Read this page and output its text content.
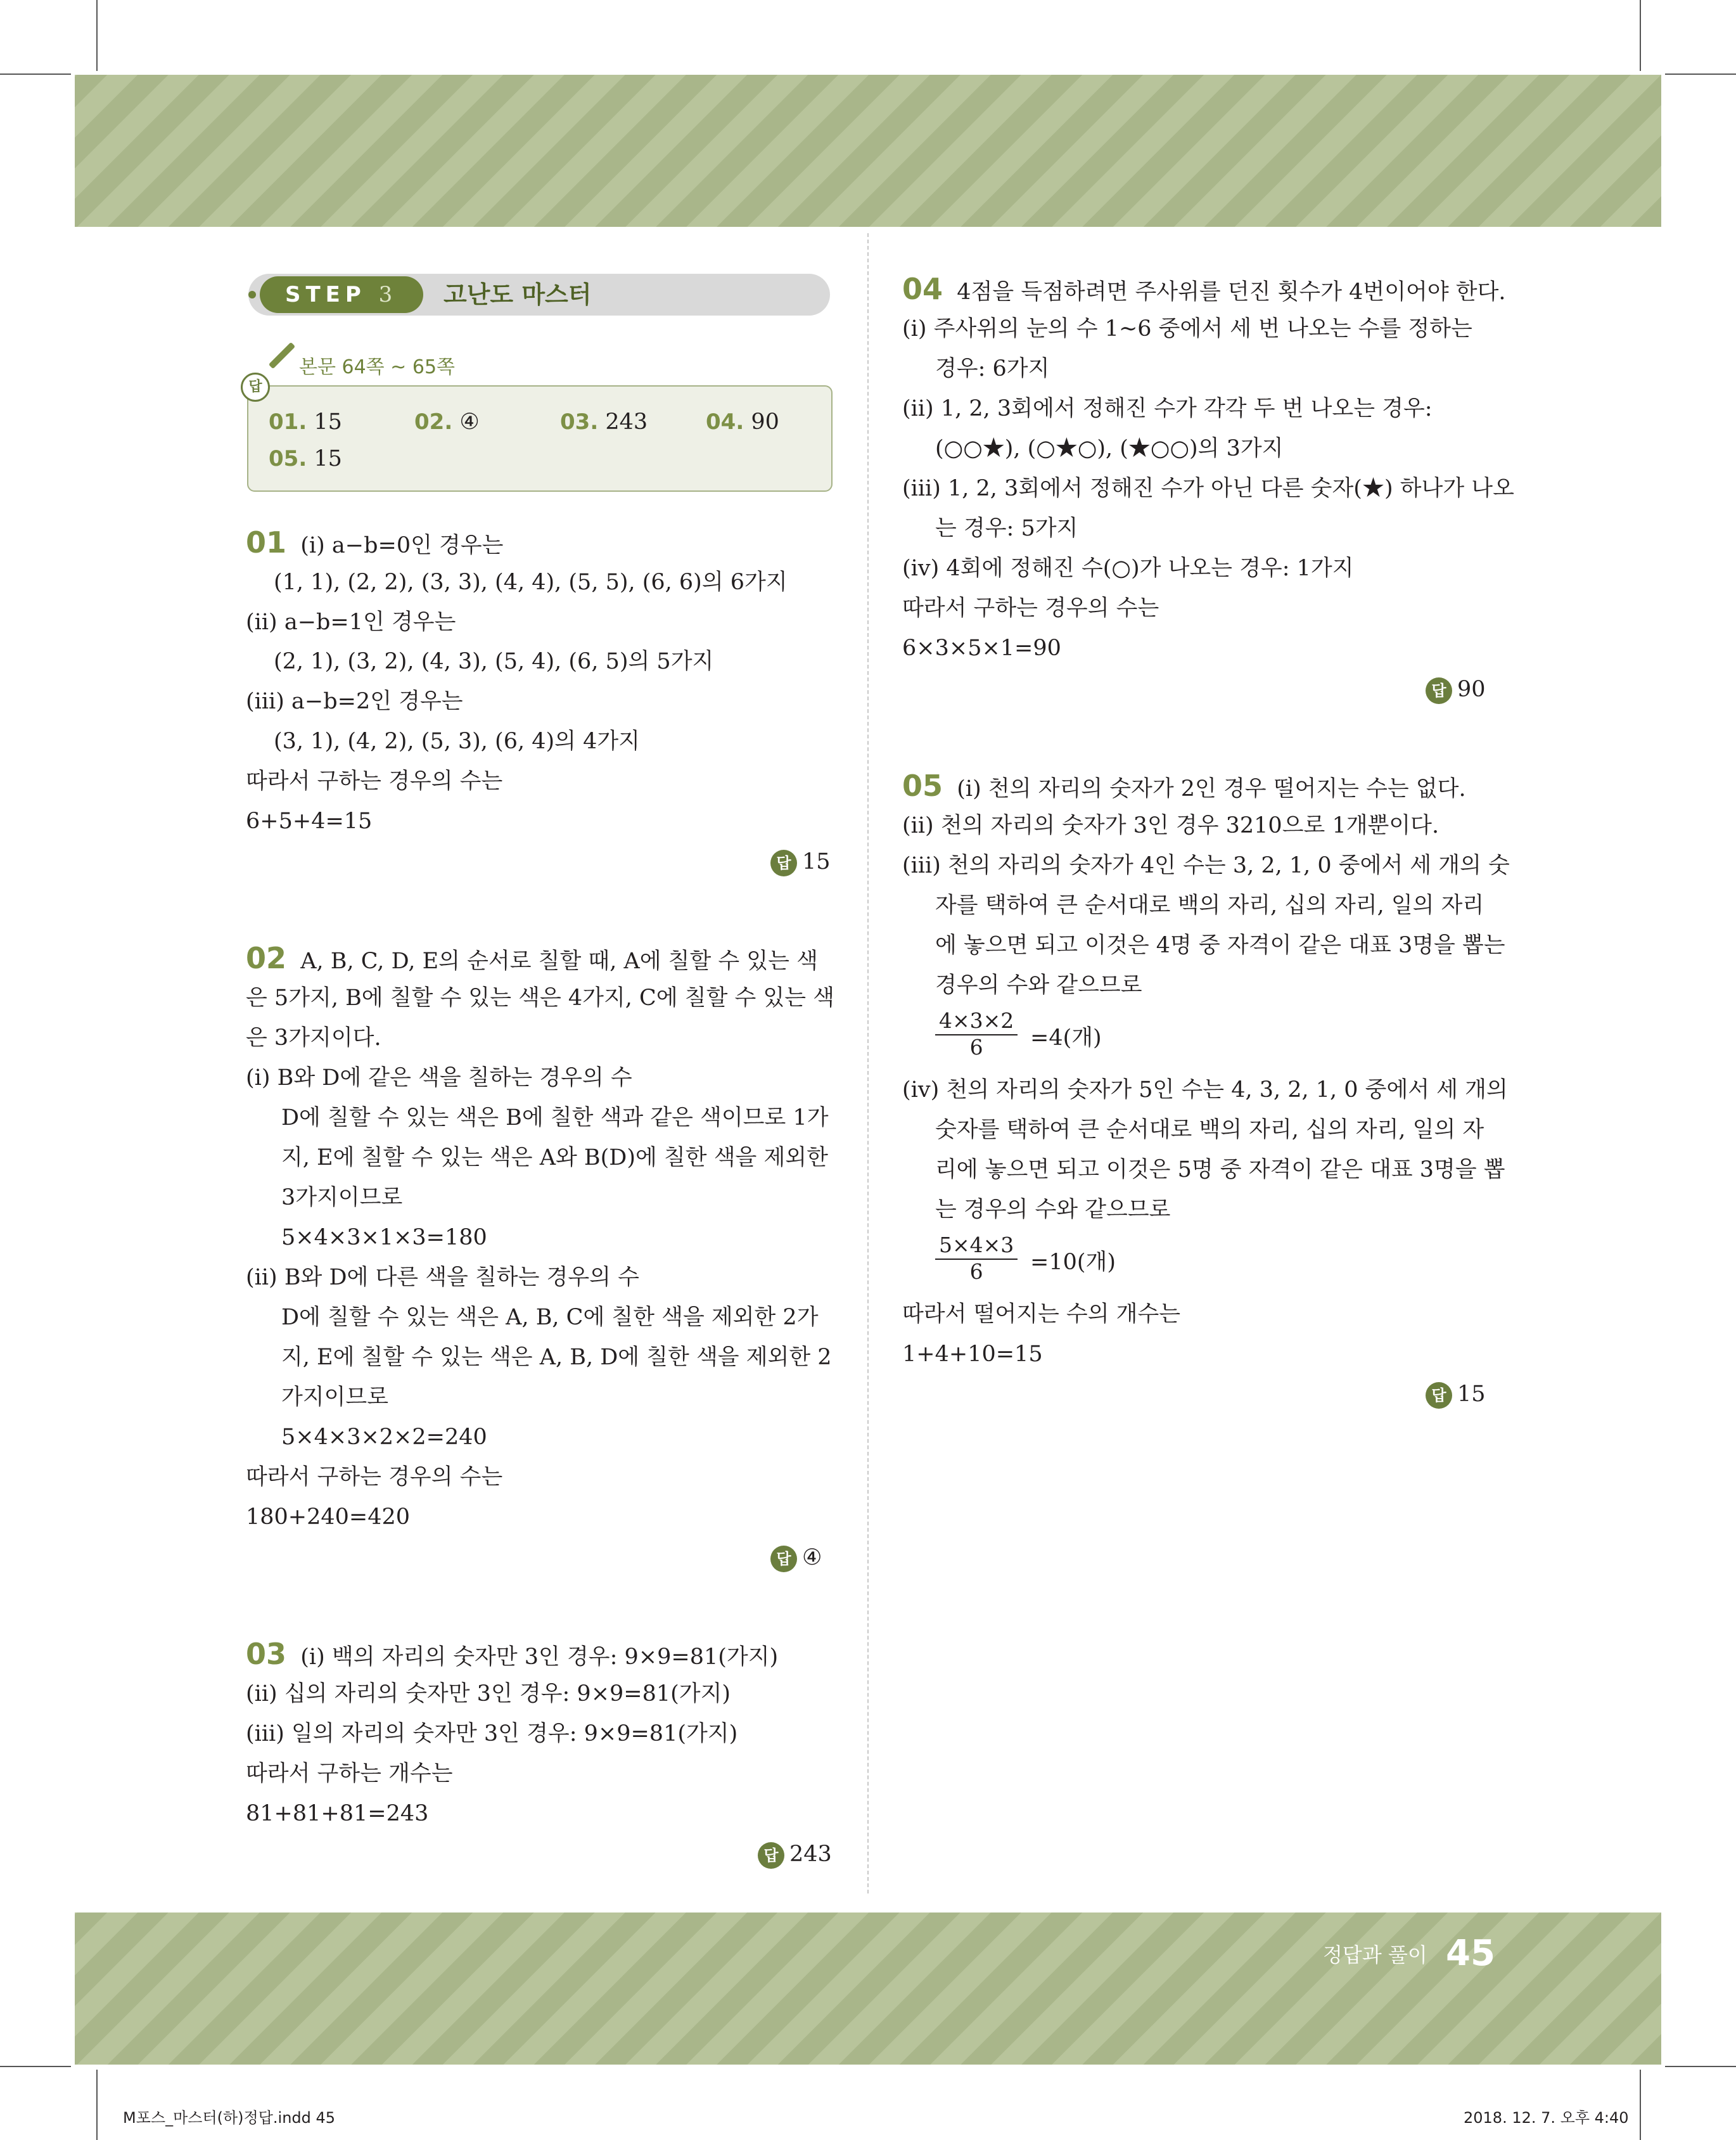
STEP 3	고난도 마스터
본문 64쪽 ~ 65쪽
답
01. 15	02. ④	03. 243	04. 90
05. 15
01 (ⅰ) a−b=0인 경우는
(1, 1), (2, 2), (3, 3), (4, 4), (5, 5), (6, 6)의 6가지
(ⅱ) a−b=1인 경우는
(2, 1), (3, 2), (4, 3), (5, 4), (6, 5)의 5가지
(ⅲ) a−b=2인 경우는
(3, 1), (4, 2), (5, 3), (6, 4)의 4가지
따라서 구하는 경우의 수는
6+5+4=15
답 15
02 A, B, C, D, E의 순서로 칠할 때, A에 칠할 수 있는 색
은 5가지, B에 칠할 수 있는 색은 4가지, C에 칠할 수 있는 색
은 3가지이다.
(ⅰ) B와 D에 같은 색을 칠하는 경우의 수
D에 칠할 수 있는 색은 B에 칠한 색과 같은 색이므로 1가
지, E에 칠할 수 있는 색은 A와 B(D)에 칠한 색을 제외한
3가지이므로
5×4×3×1×3=180
(ⅱ) B와 D에 다른 색을 칠하는 경우의 수
D에 칠할 수 있는 색은 A, B, C에 칠한 색을 제외한 2가
지, E에 칠할 수 있는 색은 A, B, D에 칠한 색을 제외한 2
가지이므로
5×4×3×2×2=240
따라서 구하는 경우의 수는
180+240=420
답 ④
03 (ⅰ) 백의 자리의 숫자만 3인 경우: 9×9=81(가지)
(ⅱ) 십의 자리의 숫자만 3인 경우: 9×9=81(가지)
(ⅲ) 일의 자리의 숫자만 3인 경우: 9×9=81(가지)
따라서 구하는 개수는
81+81+81=243
답 243
04 4점을 득점하려면 주사위를 던진 횟수가 4번이어야 한다.
(ⅰ) 주사위의 눈의 수 1~6 중에서 세 번 나오는 수를 정하는
경우: 6가지
(ⅱ) 1, 2, 3회에서 정해진 수가 각각 두 번 나오는 경우:
(○○★), (○★○), (★○○)의 3가지
(ⅲ) 1, 2, 3회에서 정해진 수가 아닌 다른 숫자(★) 하나가 나오
는 경우: 5가지
(ⅳ) 4회에 정해진 수(○)가 나오는 경우: 1가지
따라서 구하는 경우의 수는
6×3×5×1=90
답 90
05 (ⅰ) 천의 자리의 숫자가 2인 경우 떨어지는 수는 없다.
(ⅱ) 천의 자리의 숫자가 3인 경우 3210으로 1개뿐이다.
(ⅲ) 천의 자리의 숫자가 4인 수는 3, 2, 1, 0 중에서 세 개의 숫
자를 택하여 큰 순서대로 백의 자리, 십의 자리, 일의 자리
에 놓으면 되고 이것은 4명 중 자격이 같은 대표 3명을 뽑는
경우의 수와 같으므로
$\frac{4\times 3\times 2}{6} =4$(개)
(ⅳ) 천의 자리의 숫자가 5인 수는 4, 3, 2, 1, 0 중에서 세 개의
숫자를 택하여 큰 순서대로 백의 자리, 십의 자리, 일의 자
리에 놓으면 되고 이것은 5명 중 자격이 같은 대표 3명을 뽑
는 경우의 수와 같으므로
$\frac{5\times 4\times 3}{6} =10$(개)
따라서 떨어지는 수의 개수는
1+4+10=15
답 15
정답과 풀이 45
M포스_마스터(하)정답.indd 45	2018. 12. 7. 오후 4:40
